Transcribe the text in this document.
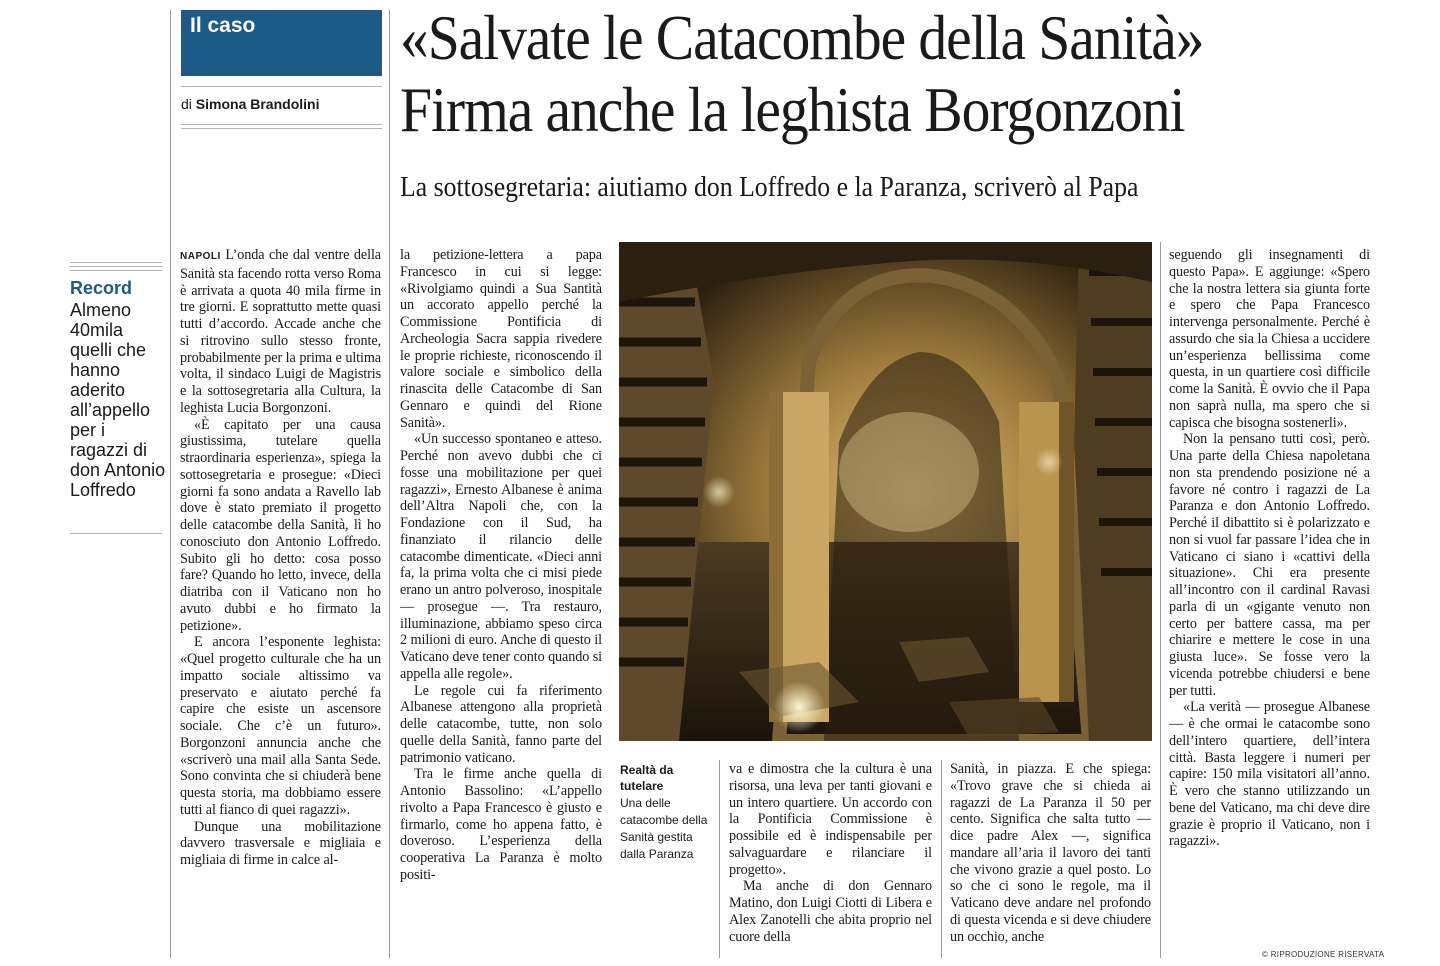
Il caso
di Simona Brandolini
«Salvate le Catacombe della Sanità»
Firma anche la leghista Borgonzoni
La sottosegretaria: aiutiamo don Loffredo e la Paranza, scriverò al Papa
Record
Almeno 40mila quelli che hanno aderito all’appello per i ragazzi di don Antonio Loffredo

NAPOLI L’onda che dal ventre della Sanità sta facendo rotta verso Roma è arrivata a quota 40 mila firme in tre giorni. E soprattutto mette quasi tutti d’accordo. Accade anche che si ritrovino sullo stesso fronte, probabilmente per la prima e ultima volta, il sindaco Luigi de Magistris e la sottosegretaria alla Cultura, la leghista Lucia Borgonzoni.

«È capitato per una causa giustissima, tutelare quella straordinaria esperienza», spiega la sottosegretaria e prosegue: «Dieci giorni fa sono andata a Ravello lab dove è stato premiato il progetto delle catacombe della Sanità, lì ho conosciuto don Antonio Loffredo. Subito gli ho detto: cosa posso fare? Quando ho letto, invece, della diatriba con il Vaticano non ho avuto dubbi e ho firmato la petizione».

E ancora l’esponente leghista: «Quel progetto culturale che ha un impatto sociale altissimo va preservato e aiutato perché fa capire che esiste un ascensore sociale. Che c’è un futuro». Borgonzoni annuncia anche che «scriverò una mail alla Santa Sede. Sono convinta che si chiuderà bene questa storia, ma dobbiamo essere tutti al fianco di quei ragazzi».

Dunque una mobilitazione davvero trasversale e migliaia e migliaia di firme in calce al-

la petizione-lettera a papa Francesco in cui si legge: «Rivolgiamo quindi a Sua Santità un accorato appello perché la Commissione Pontificia di Archeologia Sacra sappia rivedere le proprie richieste, riconoscendo il valore sociale e simbolico della rinascita delle Catacombe di San Gennaro e quindi del Rione Sanità».

«Un successo spontaneo e atteso. Perché non avevo dubbi che ci fosse una mobilitazione per quei ragazzi», Ernesto Albanese è anima dell’Altra Napoli che, con la Fondazione con il Sud, ha finanziato il rilancio delle catacombe dimenticate. «Dieci anni fa, la prima volta che ci misi piede erano un antro polveroso, inospitale — prosegue —. Tra restauro, illuminazione, abbiamo speso circa 2 milioni di euro. Anche di questo il Vaticano deve tener conto quando si appella alle regole».

Le regole cui fa riferimento Albanese attengono alla proprietà delle catacombe, tutte, non solo quelle della Sanità, fanno parte del patrimonio vaticano.

Tra le firme anche quella di Antonio Bassolino: «L’appello rivolto a Papa Francesco è giusto e firmarlo, come ho appena fatto, è doveroso. L’esperienza della cooperativa La Paranza è molto positi-

Realtà da tutelare
Una delle catacombe della Sanità gestita dalla Paranza

va e dimostra che la cultura è una risorsa, una leva per tanti giovani e un intero quartiere. Un accordo con la Pontificia Commissione è possibile ed è indispensabile per salvaguardare e rilanciare il progetto».

Ma anche di don Gennaro Matino, don Luigi Ciotti di Libera e Alex Zanotelli che abita proprio nel cuore della

Sanità, in piazza. E che spiega: «Trovo grave che si chieda ai ragazzi de La Paranza il 50 per cento. Significa che salta tutto — dice padre Alex —, significa mandare all’aria il lavoro dei tanti che vivono grazie a quel posto. Lo so che ci sono le regole, ma il Vaticano deve andare nel profondo di questa vicenda e si deve chiudere un occhio, anche

seguendo gli insegnamenti di questo Papa». E aggiunge: «Spero che la nostra lettera sia giunta forte e spero che Papa Francesco intervenga personalmente. Perché è assurdo che sia la Chiesa a uccidere un’esperienza bellissima come questa, in un quartiere così difficile come la Sanità. È ovvio che il Papa non saprà nulla, ma spero che si capisca che bisogna sostenerli».

Non la pensano tutti così, però. Una parte della Chiesa napoletana non sta prendendo posizione né a favore né contro i ragazzi de La Paranza e don Antonio Loffredo. Perché il dibattito si è polarizzato e non si vuol far passare l’idea che in Vaticano ci siano i «cattivi della situazione». Chi era presente all’incontro con il cardinal Ravasi parla di un «gigante venuto non certo per battere cassa, ma per chiarire e mettere le cose in una giusta luce». Se fosse vero la vicenda potrebbe chiudersi e bene per tutti.

«La verità — prosegue Albanese — è che ormai le catacombe sono dell’intero quartiere, dell’intera città. Basta leggere i numeri per capire: 150 mila visitatori all’anno. È vero che stanno utilizzando un bene del Vaticano, ma chi deve dire grazie è proprio il Vaticano, non i ragazzi».

© RIPRODUZIONE RISERVATA
